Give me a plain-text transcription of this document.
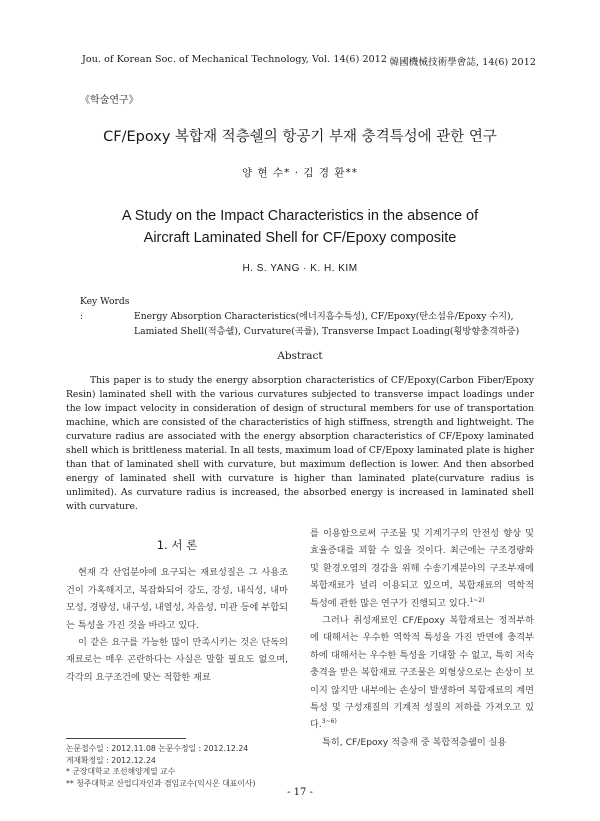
Jou. of Korean Soc. of Mechanical Technology, Vol. 14(6) 2012 韓國機械技術學會誌, 14(6) 2012
《학술연구》
CF/Epoxy 복합재 적층쉘의 항공기 부재 충격특성에 관한 연구
양 현 수* · 김 경 환**
A Study on the Impact Characteristics in the absence of
Aircraft Laminated Shell for CF/Epoxy composite
H. S. YANG · K. H. KIM
Key Words :	Energy Absorption Characteristics(에너지흡수특성), CF/Epoxy(탄소섬유/Epoxy 수지),
Lamiated Shell(적층쉘), Curvature(곡률), Transverse Impact Loading(횡방향충격하중)
Abstract
This paper is to study the energy absorption characteristics of CF/Epoxy(Carbon Fiber/Epoxy Resin) laminated shell with the various curvatures subjected to transverse impact loadings under the low impact velocity in consideration of design of structural members for use of transportation machine, which are consisted of the characteristics of high stiffness, strength and lightweight. The curvature radius are associated with the energy absorption characteristics of CF/Epoxy laminated shell which is brittleness material. In all tests, maximum load of CF/Epoxy laminated plate is higher than that of laminated shell with curvature, but maximum deflection is lower. And then absorbed energy of laminated shell with curvature is higher than laminated plate(curvature radius is unlimited). As curvature radius is increased, the absorbed energy is increased in laminated shell with curvature.
1. 서 론

현재 각 산업분야에 요구되는 재료성질은 그 사용조건이 가혹해지고, 복잡화되어 강도, 강성, 내식성, 내마모성, 경량성, 내구성, 내열성, 차음성, 미관 등에 부합되는 특성을 가진 것을 바라고 있다.

이 같은 요구를 가능한 많이 만족시키는 것은 단독의 재료로는 매우 곤란하다는 사실은 말할 필요도 없으며, 각각의 요구조건에 맞는 적합한 재료

를 이용함으로써 구조물 및 기계기구의 안전성 향상 및 효율증대를 꾀할 수 있을 것이다. 최근에는 구조경량화 및 환경오염의 경감을 위해 수송기계분야의 구조부재에 복합재료가 널리 이용되고 있으며, 복합재료의 역학적 특성에 관한 많은 연구가 진행되고 있다.$^{1\sim 2)}$

그러나 취성재료인 CF/Epoxy 복합재료는 정적부하에 대해서는 우수한 역학적 특성을 가진 반면에 충격부하에 대해서는 우수한 특성을 기대할 수 없고, 특히 저속충격을 받은 복합재료 구조물은 외형상으로는 손상이 보이지 않지만 내부에는 손상이 발생하여 복합재료의 계면특성 및 구성재질의 기계적 성질의 저하를 가져오고 있다.$^{3\sim 6)}$

특히, CF/Epoxy 적층재 중 복합적층쉘이 실용

논문접수일 : 2012.11.08 논문수정일 : 2012.12.24
게재확정일 : 2012.12.24
* 군장대학교 조선해양계열 교수
** 청주대학교 산업디자인과 겸임교수(익시온 대표이사)
- 17 -
